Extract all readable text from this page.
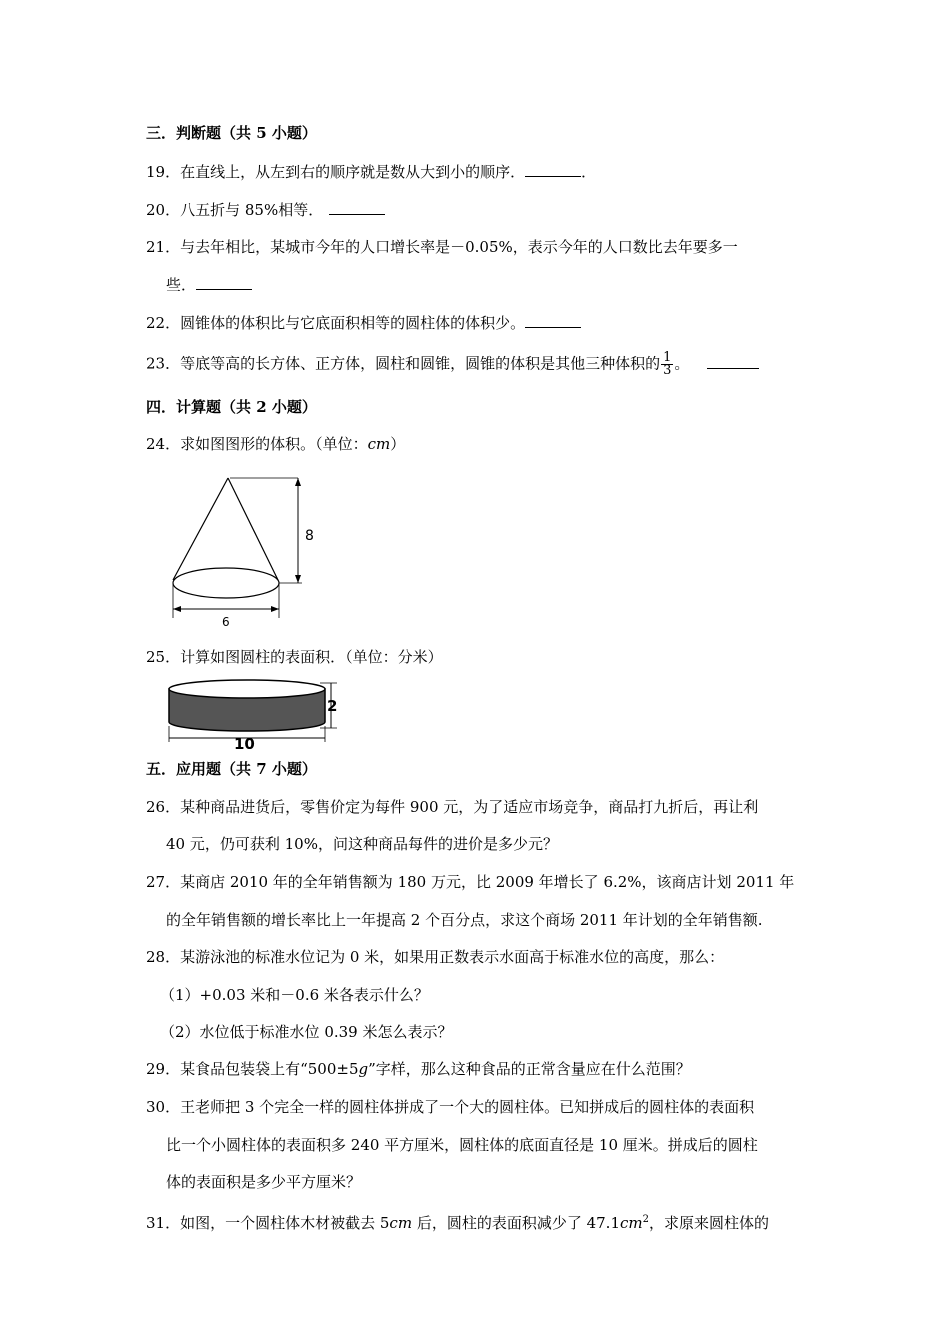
三．判断题（共 5 小题）
19．在直线上，从左到右的顺序就是数从大到小的顺序．	．
20．八五折与 85%相等．
21．与去年相比，某城市今年的人口增长率是－0.05%，表示今年的人口数比去年要多一
些．
22．圆锥体的体积比与它底面积相等的圆柱体的体积少。
23．等底等高的长方体、正方体，圆柱和圆锥，圆锥的体积是其他三种体积的 $\frac{1}{3}$ 。
四．计算题（共 2 小题）
24．求如图图形的体积。（单位：cm）
8
6
25．计算如图圆柱的表面积．（单位：分米）
2
10
五．应用题（共 7 小题）
26．某种商品进货后，零售价定为每件 900 元，为了适应市场竞争，商品打九折后，再让利
40 元，仍可获利 10%，问这种商品每件的进价是多少元？
27．某商店 2010 年的全年销售额为 180 万元，比 2009 年增长了 6.2%，该商店计划 2011 年
的全年销售额的增长率比上一年提高 2 个百分点，求这个商场 2011 年计划的全年销售额.
28．某游泳池的标准水位记为 0 米，如果用正数表示水面高于标准水位的高度，那么：
（1）+0.03 米和－0.6 米各表示什么？
（2）水位低于标准水位 0.39 米怎么表示？
29．某食品包装袋上有“500±5g”字样，那么这种食品的正常含量应在什么范围？
30．王老师把 3 个完全一样的圆柱体拼成了一个大的圆柱体。已知拼成后的圆柱体的表面积
比一个小圆柱体的表面积多 240 平方厘米，圆柱体的底面直径是 10 厘米。拼成后的圆柱
体的表面积是多少平方厘米？
31．如图，一个圆柱体木材被截去 5cm 后，圆柱的表面积减少了 $47.1cm^2$，求原来圆柱体的
